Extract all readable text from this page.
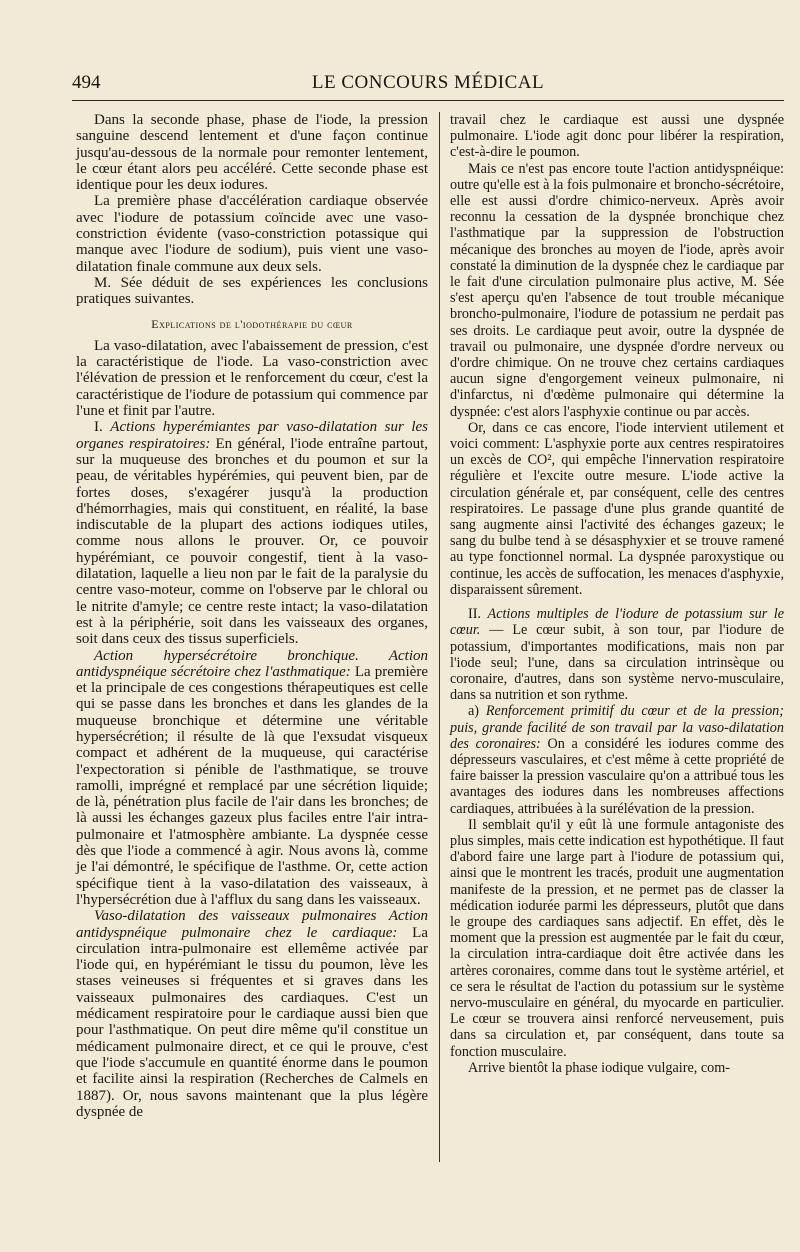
494	LE CONCOURS MÉDICAL

Dans la seconde phase, phase de l'iode, la pression sanguine descend lentement et d'une façon continue jusqu'au-dessous de la normale pour remonter lentement, le cœur étant alors peu accéléré. Cette seconde phase est identique pour les deux iodures.

La première phase d'accélération cardiaque observée avec l'iodure de potassium coïncide avec une vaso-constriction évidente (vaso-constriction potassique qui manque avec l'iodure de sodium), puis vient une vaso-dilatation finale commune aux deux sels.

M. Sée déduit de ses expériences les conclusions pratiques suivantes.

Explications de l'iodothérapie du cœur

La vaso-dilatation, avec l'abaissement de pression, c'est la caractéristique de l'iode. La vaso-constriction avec l'élévation de pression et le renforcement du cœur, c'est la caractéristique de l'iodure de potassium qui commence par l'une et finit par l'autre.

I. Actions hyperémiantes par vaso-dilatation sur les organes respiratoires: En général, l'iode entraîne partout, sur la muqueuse des bronches et du poumon et sur la peau, de véritables hypérémies, qui peuvent bien, par de fortes doses, s'exagérer jusqu'à la production d'hémorrhagies, mais qui constituent, en réalité, la base indiscutable de la plupart des actions iodiques utiles, comme nous allons le prouver. Or, ce pouvoir hypérémiant, ce pouvoir congestif, tient à la vaso-dilatation, laquelle a lieu non par le fait de la paralysie du centre vaso-moteur, comme on l'observe par le chloral ou le nitrite d'amyle; ce centre reste intact; la vaso-dilatation est à la périphérie, soit dans les vaisseaux des organes, soit dans ceux des tissus superficiels.

Action hypersécrétoire bronchique. Action antidyspnéique sécrétoire chez l'asthmatique: La première et la principale de ces congestions thérapeutiques est celle qui se passe dans les bronches et dans les glandes de la muqueuse bronchique et détermine une véritable hypersécrétion; il résulte de là que l'exsudat visqueux compact et adhérent de la muqueuse, qui caractérise l'expectoration si pénible de l'asthmatique, se trouve ramolli, imprégné et remplacé par une sécrétion liquide; de là, pénétration plus facile de l'air dans les bronches; de là aussi les échanges gazeux plus faciles entre l'air intra-pulmonaire et l'atmosphère ambiante. La dyspnée cesse dès que l'iode a commencé à agir. Nous avons là, comme je l'ai démontré, le spécifique de l'asthme. Or, cette action spécifique tient à la vaso-dilatation des vaisseaux, à l'hypersécrétion due à l'afflux du sang dans les vaisseaux.

Vaso-dilatation des vaisseaux pulmonaires Action antidyspnéique pulmonaire chez le cardiaque: La circulation intra-pulmonaire est ellemême activée par l'iode qui, en hypérémiant le tissu du poumon, lève les stases veineuses si fréquentes et si graves dans les vaisseaux pulmonaires des cardiaques. C'est un médicament respiratoire pour le cardiaque aussi bien que pour l'asthmatique. On peut dire même qu'il constitue un médicament pulmonaire direct, et ce qui le prouve, c'est que l'iode s'accumule en quantité énorme dans le poumon et facilite ainsi la respiration (Recherches de Calmels en 1887). Or, nous savons maintenant que la plus légère dyspnée de

travail chez le cardiaque est aussi une dyspnée pulmonaire. L'iode agit donc pour libérer la respiration, c'est-à-dire le poumon.

Mais ce n'est pas encore toute l'action antidyspnéique: outre qu'elle est à la fois pulmonaire et broncho-sécrétoire, elle est aussi d'ordre chimico-nerveux. Après avoir reconnu la cessation de la dyspnée bronchique chez l'asthmatique par la suppression de l'obstruction mécanique des bronches au moyen de l'iode, après avoir constaté la diminution de la dyspnée chez le cardiaque par le fait d'une circulation pulmonaire plus active, M. Sée s'est aperçu qu'en l'absence de tout trouble mécanique broncho-pulmonaire, l'iodure de potassium ne perdait pas ses droits. Le cardiaque peut avoir, outre la dyspnée de travail ou pulmonaire, une dyspnée d'ordre nerveux ou d'ordre chimique. On ne trouve chez certains cardiaques aucun signe d'engorgement veineux pulmonaire, ni d'infarctus, ni d'œdème pulmonaire qui détermine la dyspnée: c'est alors l'asphyxie continue ou par accès.

Or, dans ce cas encore, l'iode intervient utilement et voici comment: L'asphyxie porte aux centres respiratoires un excès de CO², qui empêche l'innervation respiratoire régulière et l'excite outre mesure. L'iode active la circulation générale et, par conséquent, celle des centres respiratoires. Le passage d'une plus grande quantité de sang augmente ainsi l'activité des échanges gazeux; le sang du bulbe tend à se désasphyxier et se trouve ramené au type fonctionnel normal. La dyspnée paroxystique ou continue, les accès de suffocation, les menaces d'asphyxie, disparaissent sûrement.

II. Actions multiples de l'iodure de potassium sur le cœur. — Le cœur subit, à son tour, par l'iodure de potassium, d'importantes modifications, mais non par l'iode seul; l'une, dans sa circulation intrinsèque ou coronaire, d'autres, dans son système nervo-musculaire, dans sa nutrition et son rythme.

a) Renforcement primitif du cœur et de la pression; puis, grande facilité de son travail par la vaso-dilatation des coronaires: On a considéré les iodures comme des dépresseurs vasculaires, et c'est même à cette propriété de faire baisser la pression vasculaire qu'on a attribué tous les avantages des iodures dans les nombreuses affections cardiaques, attribuées à la surélévation de la pression.

Il semblait qu'il y eût là une formule antagoniste des plus simples, mais cette indication est hypothétique. Il faut d'abord faire une large part à l'iodure de potassium qui, ainsi que le montrent les tracés, produit une augmentation manifeste de la pression, et ne permet pas de classer la médication iodurée parmi les dépresseurs, plutôt que dans le groupe des cardiaques sans adjectif. En effet, dès le moment que la pression est augmentée par le fait du cœur, la circulation intra-cardiaque doit être activée dans les artères coronaires, comme dans tout le système artériel, et ce sera le résultat de l'action du potassium sur le système nervo-musculaire en général, du myocarde en particulier. Le cœur se trouvera ainsi renforcé nerveusement, puis dans sa circulation et, par conséquent, dans toute sa fonction musculaire.

Arrive bientôt la phase iodique vulgaire, com-
